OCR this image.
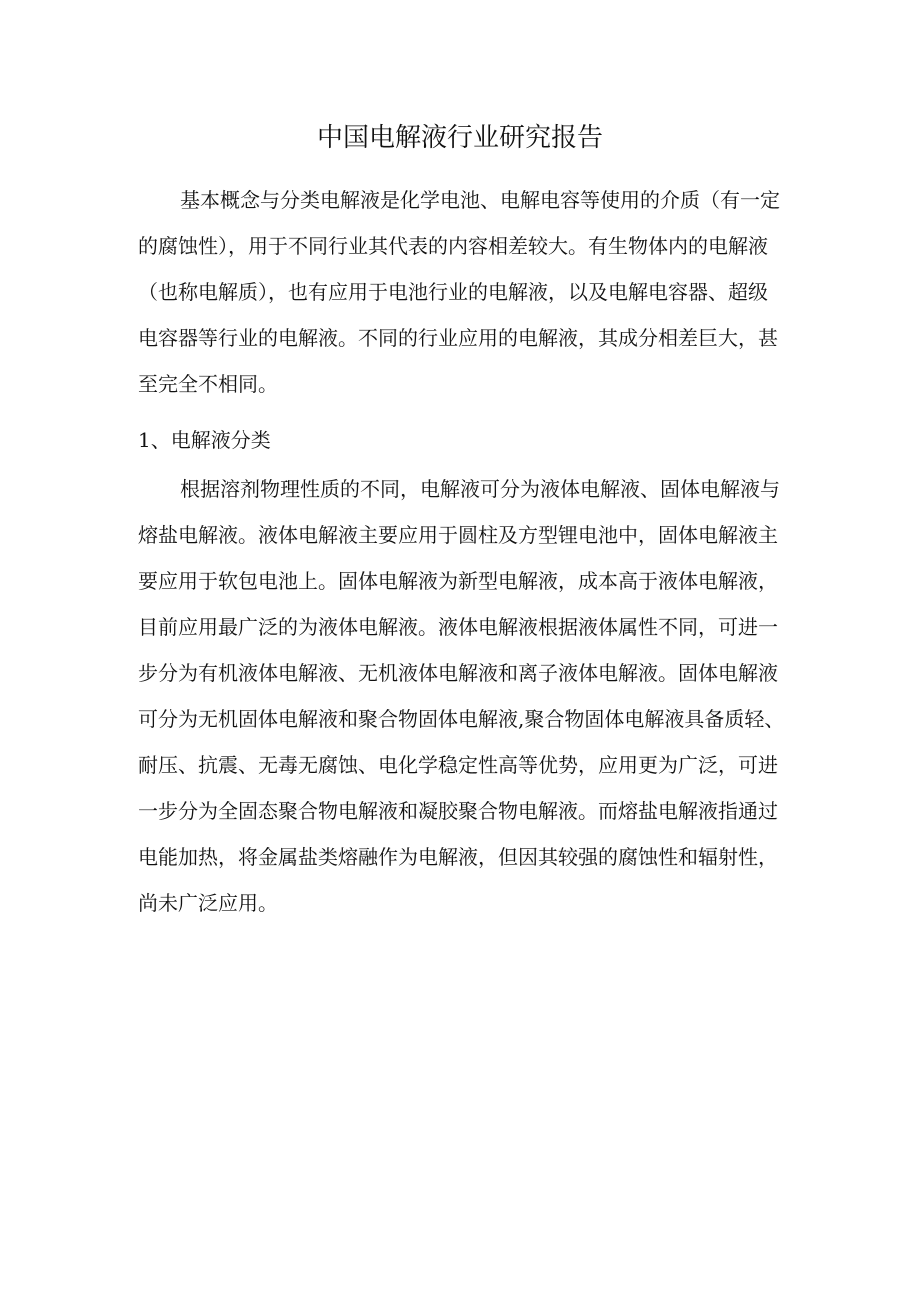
中国电解液行业研究报告
基本概念与分类电解液是化学电池、电解电容等使用的介质（有一定
的腐蚀性），用于不同行业其代表的内容相差较大。有生物体内的电解液
（也称电解质），也有应用于电池行业的电解液，以及电解电容器、超级
电容器等行业的电解液。不同的行业应用的电解液，其成分相差巨大，甚
至完全不相同。
1、电解液分类
根据溶剂物理性质的不同，电解液可分为液体电解液、固体电解液与
熔盐电解液。液体电解液主要应用于圆柱及方型锂电池中，固体电解液主
要应用于软包电池上。固体电解液为新型电解液，成本高于液体电解液，
目前应用最广泛的为液体电解液。液体电解液根据液体属性不同，可进一
步分为有机液体电解液、无机液体电解液和离子液体电解液。固体电解液
可分为无机固体电解液和聚合物固体电解液,聚合物固体电解液具备质轻、
耐压、抗震、无毒无腐蚀、电化学稳定性高等优势，应用更为广泛，可进
一步分为全固态聚合物电解液和凝胶聚合物电解液。而熔盐电解液指通过
电能加热，将金属盐类熔融作为电解液，但因其较强的腐蚀性和辐射性，
尚未广泛应用。
